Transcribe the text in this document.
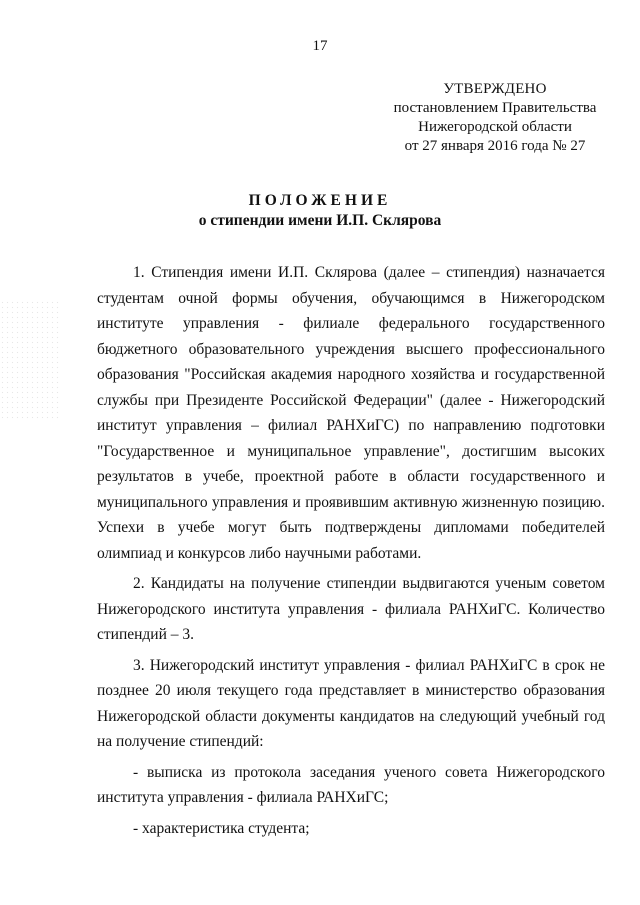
17
УТВЕРЖДЕНО
постановлением Правительства
Нижегородской области
от 27 января 2016 года № 27
ПОЛОЖЕНИЕ
о стипендии имени И.П. Склярова

1. Стипендия имени И.П. Склярова (далее – стипендия) назначается студентам очной формы обучения, обучающимся в Нижегородском институте управления - филиале федерального государственного бюджетного образовательного учреждения высшего профессионального образования "Российская академия народного хозяйства и государственной службы при Президенте Российской Федерации" (далее - Нижегородский институт управления – филиал РАНХиГС) по направлению подготовки "Государственное и муниципальное управление", достигшим высоких результатов в учебе, проектной работе в области государственного и муниципального управления и проявившим активную жизненную позицию. Успехи в учебе могут быть подтверждены дипломами победителей олимпиад и конкурсов либо научными работами.

2. Кандидаты на получение стипендии выдвигаются ученым советом Нижегородского института управления - филиала РАНХиГС. Количество стипендий – 3.

3. Нижегородский институт управления - филиал РАНХиГС в срок не позднее 20 июля текущего года представляет в министерство образования Нижегородской области документы кандидатов на следующий учебный год на получение стипендий:

- выписка из протокола заседания ученого совета Нижегородского института управления - филиала РАНХиГС;

- характеристика студента;
